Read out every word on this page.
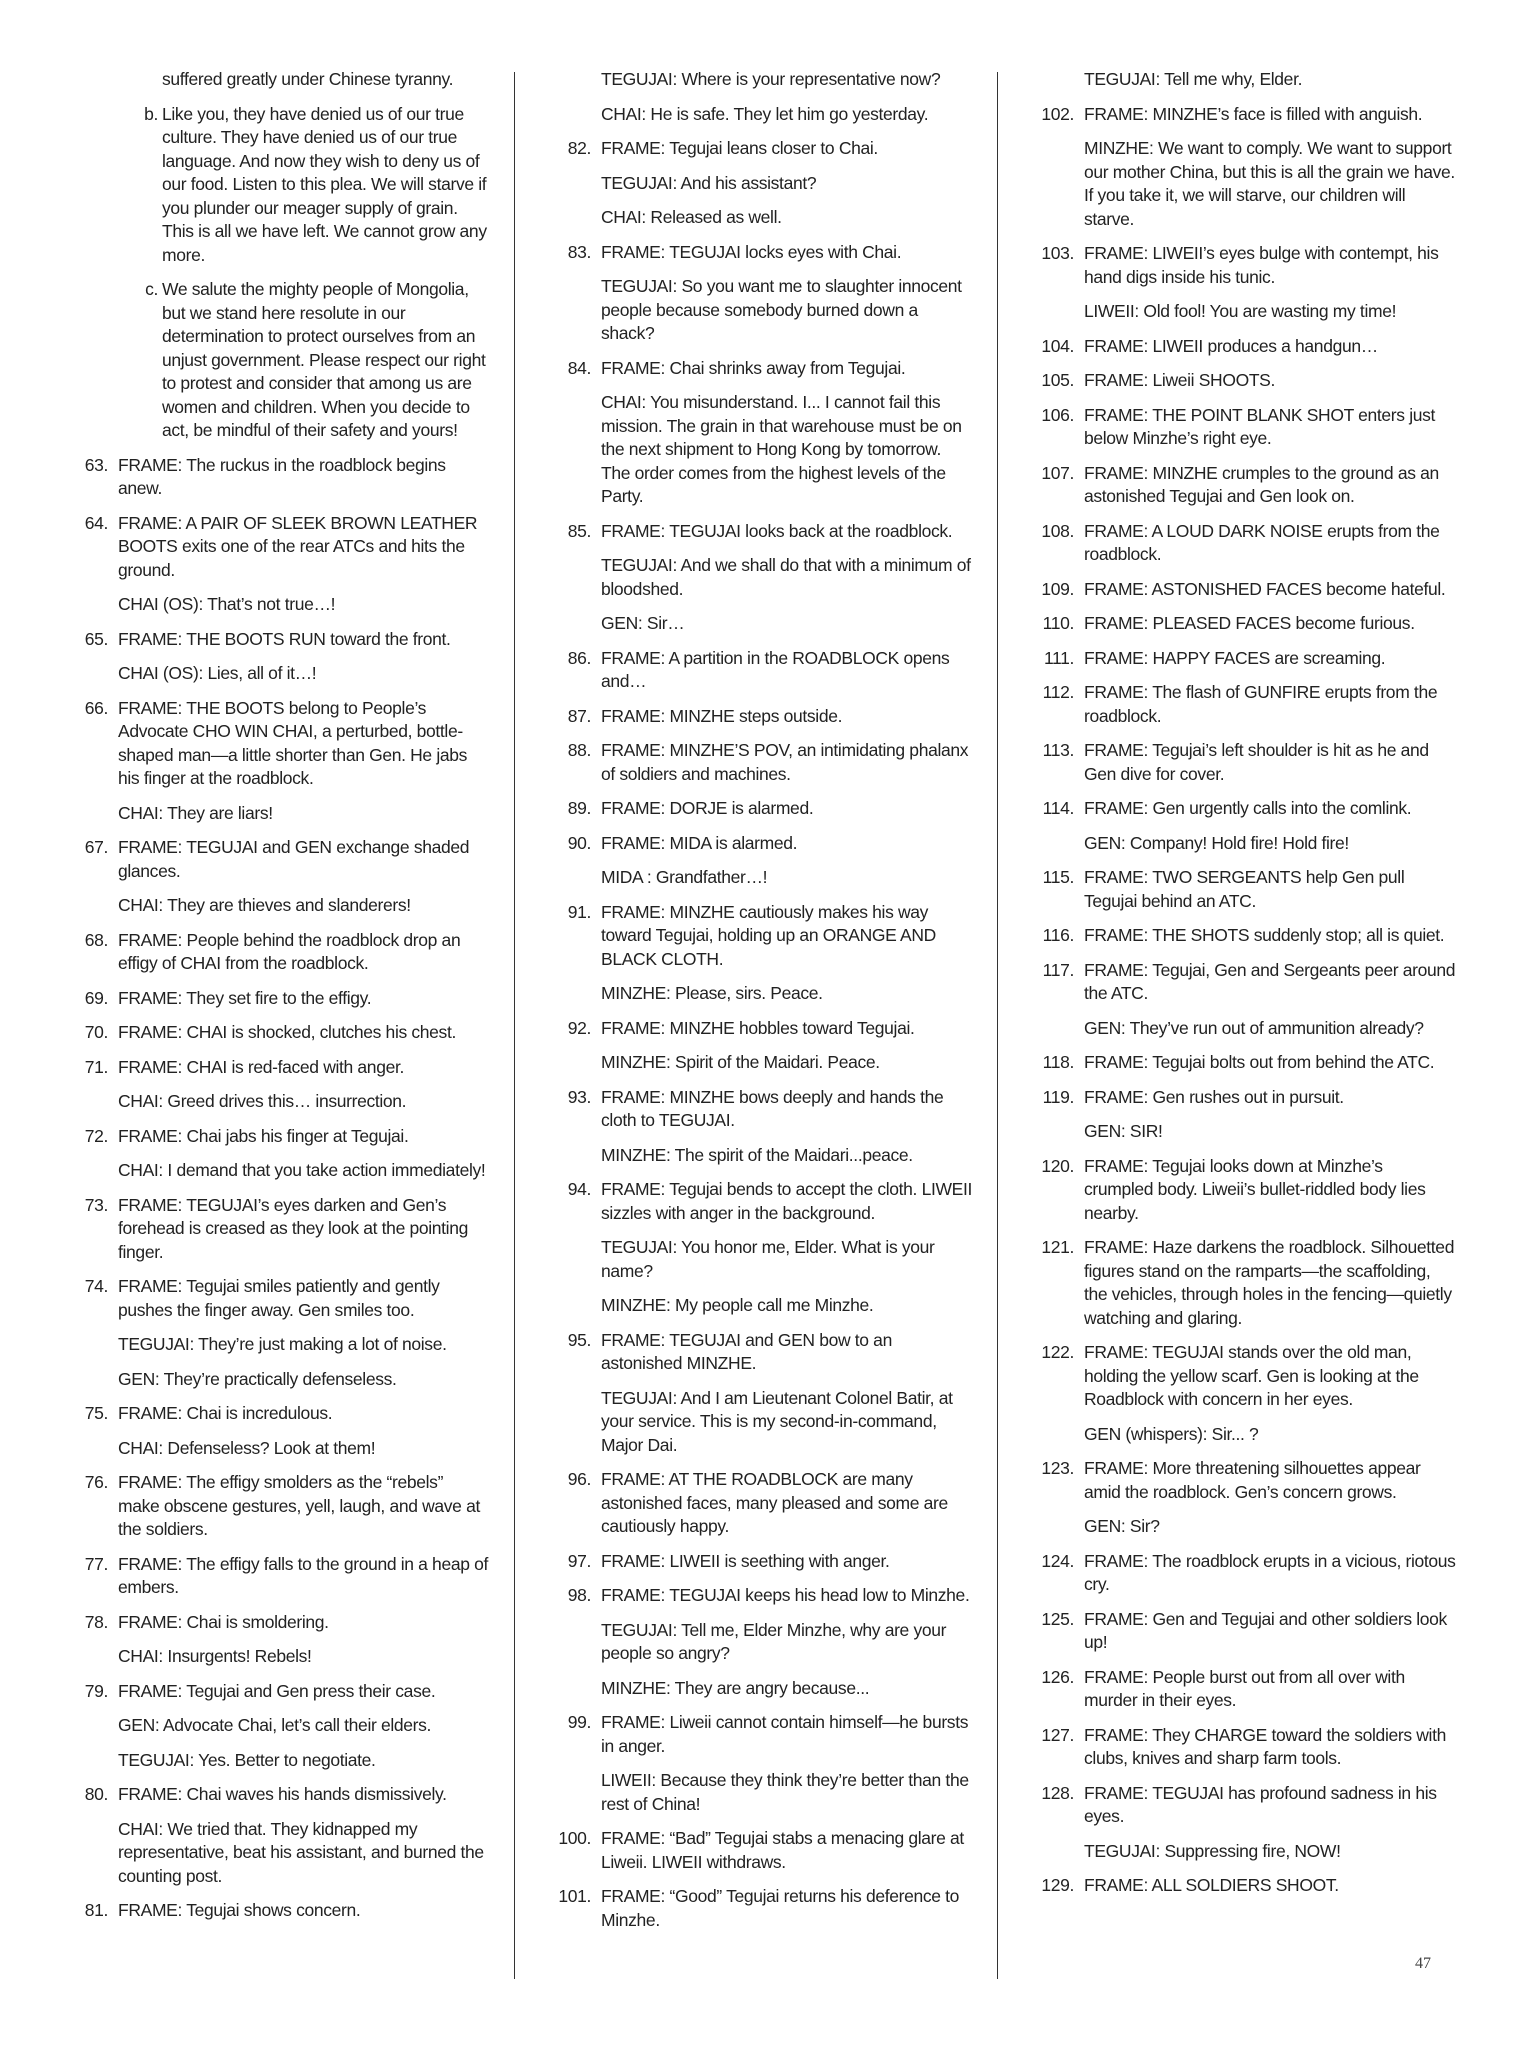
suffered greatly under Chinese tyranny.

b. Like you, they have denied us of our true culture. They have denied us of our true language. And now they wish to deny us of our food. Listen to this plea. We will starve if you plunder our meager supply of grain. This is all we have left. We cannot grow any more.

c. We salute the mighty people of Mongolia, but we stand here resolute in our determination to protect ourselves from an unjust government. Please respect our right to protest and consider that among us are women and children. When you decide to act, be mindful of their safety and yours!

63. FRAME: The ruckus in the roadblock begins anew.

64. FRAME: A PAIR OF SLEEK BROWN LEATHER BOOTS exits one of the rear ATCs and hits the ground.

CHAI (OS): That’s not true…!

65. FRAME: THE BOOTS RUN toward the front.

CHAI (OS): Lies, all of it…!

66. FRAME: THE BOOTS belong to People’s Advocate CHO WIN CHAI, a perturbed, bottle-shaped man—a little shorter than Gen. He jabs his finger at the roadblock.

CHAI: They are liars!

67. FRAME: TEGUJAI and GEN exchange shaded glances.

CHAI: They are thieves and slanderers!

68. FRAME: People behind the roadblock drop an effigy of CHAI from the roadblock.

69. FRAME: They set fire to the effigy.

70. FRAME: CHAI is shocked, clutches his chest.

71. FRAME: CHAI is red-faced with anger.

CHAI: Greed drives this… insurrection.

72. FRAME: Chai jabs his finger at Tegujai.

CHAI: I demand that you take action immediately!

73. FRAME: TEGUJAI’s eyes darken and Gen’s forehead is creased as they look at the pointing finger.

74. FRAME: Tegujai smiles patiently and gently pushes the finger away. Gen smiles too.

TEGUJAI: They’re just making a lot of noise.

GEN: They’re practically defenseless.

75. FRAME: Chai is incredulous.

CHAI: Defenseless? Look at them!

76. FRAME: The effigy smolders as the “rebels” make obscene gestures, yell, laugh, and wave at the soldiers.

77. FRAME: The effigy falls to the ground in a heap of embers.

78. FRAME: Chai is smoldering.

CHAI: Insurgents! Rebels!

79. FRAME: Tegujai and Gen press their case.

GEN: Advocate Chai, let’s call their elders.

TEGUJAI: Yes. Better to negotiate.

80. FRAME: Chai waves his hands dismissively.

CHAI: We tried that. They kidnapped my representative, beat his assistant, and burned the counting post.

81. FRAME: Tegujai shows concern.

TEGUJAI: Where is your representative now?

CHAI: He is safe. They let him go yesterday.

82. FRAME: Tegujai leans closer to Chai.

TEGUJAI: And his assistant?

CHAI: Released as well.

83. FRAME: TEGUJAI locks eyes with Chai.

TEGUJAI: So you want me to slaughter innocent people because somebody burned down a shack?

84. FRAME: Chai shrinks away from Tegujai.

CHAI: You misunderstand. I... I cannot fail this mission. The grain in that warehouse must be on the next shipment to Hong Kong by tomorrow. The order comes from the highest levels of the Party.

85. FRAME: TEGUJAI looks back at the roadblock.

TEGUJAI: And we shall do that with a minimum of bloodshed.

GEN: Sir…

86. FRAME: A partition in the ROADBLOCK opens and…

87. FRAME: MINZHE steps outside.

88. FRAME: MINZHE’S POV, an intimidating phalanx of soldiers and machines.

89. FRAME: DORJE is alarmed.

90. FRAME: MIDA is alarmed.

MIDA : Grandfather…!

91. FRAME: MINZHE cautiously makes his way toward Tegujai, holding up an ORANGE AND BLACK CLOTH.

MINZHE: Please, sirs. Peace.

92. FRAME: MINZHE hobbles toward Tegujai.

MINZHE: Spirit of the Maidari. Peace.

93. FRAME: MINZHE bows deeply and hands the cloth to TEGUJAI.

MINZHE: The spirit of the Maidari...peace.

94. FRAME: Tegujai bends to accept the cloth. LIWEII sizzles with anger in the background.

TEGUJAI: You honor me, Elder. What is your name?

MINZHE: My people call me Minzhe.

95. FRAME: TEGUJAI and GEN bow to an astonished MINZHE.

TEGUJAI: And I am Lieutenant Colonel Batir, at your service. This is my second-in-command, Major Dai.

96. FRAME: AT THE ROADBLOCK are many astonished faces, many pleased and some are cautiously happy.

97. FRAME: LIWEII is seething with anger.

98. FRAME: TEGUJAI keeps his head low to Minzhe.

TEGUJAI: Tell me, Elder Minzhe, why are your people so angry?

MINZHE: They are angry because...

99. FRAME: Liweii cannot contain himself—he bursts in anger.

LIWEII: Because they think they’re better than the rest of China!

100. FRAME: “Bad” Tegujai stabs a menacing glare at Liweii. LIWEII withdraws.

101. FRAME: “Good” Tegujai returns his deference to Minzhe.

TEGUJAI: Tell me why, Elder.

102. FRAME: MINZHE’s face is filled with anguish.

MINZHE: We want to comply. We want to support our mother China, but this is all the grain we have. If you take it, we will starve, our children will starve.

103. FRAME: LIWEII’s eyes bulge with contempt, his hand digs inside his tunic.

LIWEII: Old fool! You are wasting my time!

104. FRAME: LIWEII produces a handgun…

105. FRAME: Liweii SHOOTS.

106. FRAME: THE POINT BLANK SHOT enters just below Minzhe’s right eye.

107. FRAME: MINZHE crumples to the ground as an astonished Tegujai and Gen look on.

108. FRAME: A LOUD DARK NOISE erupts from the roadblock.

109. FRAME: ASTONISHED FACES become hateful.

110. FRAME: PLEASED FACES become furious.

111. FRAME: HAPPY FACES are screaming.

112. FRAME: The flash of GUNFIRE erupts from the roadblock.

113. FRAME: Tegujai’s left shoulder is hit as he and Gen dive for cover.

114. FRAME: Gen urgently calls into the comlink.

GEN: Company! Hold fire! Hold fire!

115. FRAME: TWO SERGEANTS help Gen pull Tegujai behind an ATC.

116. FRAME: THE SHOTS suddenly stop; all is quiet.

117. FRAME: Tegujai, Gen and Sergeants peer around the ATC.

GEN: They’ve run out of ammunition already?

118. FRAME: Tegujai bolts out from behind the ATC.

119. FRAME: Gen rushes out in pursuit.

GEN: SIR!

120. FRAME: Tegujai looks down at Minzhe’s crumpled body. Liweii’s bullet-riddled body lies nearby.

121. FRAME: Haze darkens the roadblock. Silhouetted figures stand on the ramparts—the scaffolding, the vehicles, through holes in the fencing—quietly watching and glaring.

122. FRAME: TEGUJAI stands over the old man, holding the yellow scarf. Gen is looking at the Roadblock with concern in her eyes.

GEN (whispers): Sir... ?

123. FRAME: More threatening silhouettes appear amid the roadblock. Gen’s concern grows.

GEN: Sir?

124. FRAME: The roadblock erupts in a vicious, riotous cry.

125. FRAME: Gen and Tegujai and other soldiers look up!

126. FRAME: People burst out from all over with murder in their eyes.

127. FRAME: They CHARGE toward the soldiers with clubs, knives and sharp farm tools.

128. FRAME: TEGUJAI has profound sadness in his eyes.

TEGUJAI: Suppressing fire, NOW!

129. FRAME: ALL SOLDIERS SHOOT.

47
